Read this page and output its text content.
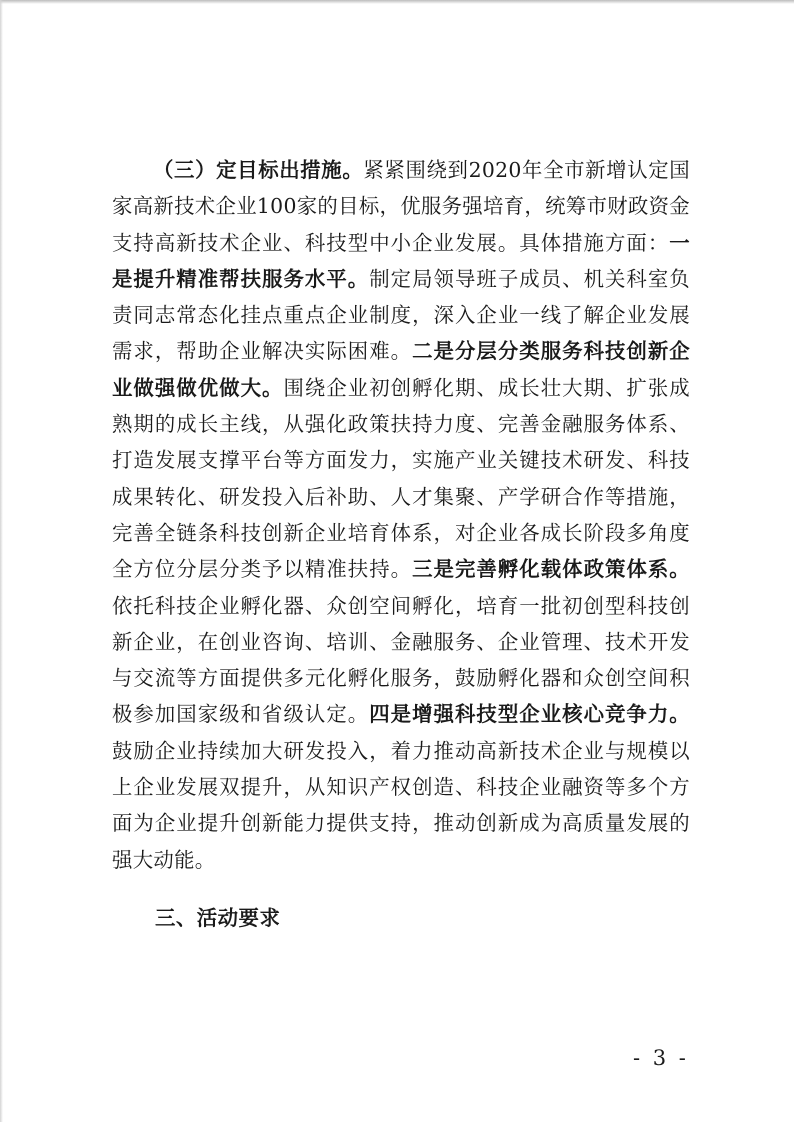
（三）定目标出措施。紧紧围绕到2020年全市新增认定国家高新技术企业100家的目标，优服务强培育，统筹市财政资金支持高新技术企业、科技型中小企业发展。具体措施方面：一是提升精准帮扶服务水平。制定局领导班子成员、机关科室负责同志常态化挂点重点企业制度，深入企业一线了解企业发展需求，帮助企业解决实际困难。二是分层分类服务科技创新企业做强做优做大。围绕企业初创孵化期、成长壮大期、扩张成熟期的成长主线，从强化政策扶持力度、完善金融服务体系、打造发展支撑平台等方面发力，实施产业关键技术研发、科技成果转化、研发投入后补助、人才集聚、产学研合作等措施，完善全链条科技创新企业培育体系，对企业各成长阶段多角度全方位分层分类予以精准扶持。三是完善孵化载体政策体系。依托科技企业孵化器、众创空间孵化，培育一批初创型科技创新企业，在创业咨询、培训、金融服务、企业管理、技术开发与交流等方面提供多元化孵化服务，鼓励孵化器和众创空间积极参加国家级和省级认定。四是增强科技型企业核心竞争力。鼓励企业持续加大研发投入，着力推动高新技术企业与规模以上企业发展双提升，从知识产权创造、科技企业融资等多个方面为企业提升创新能力提供支持，推动创新成为高质量发展的强大动能。

三、活动要求

- 3 -
